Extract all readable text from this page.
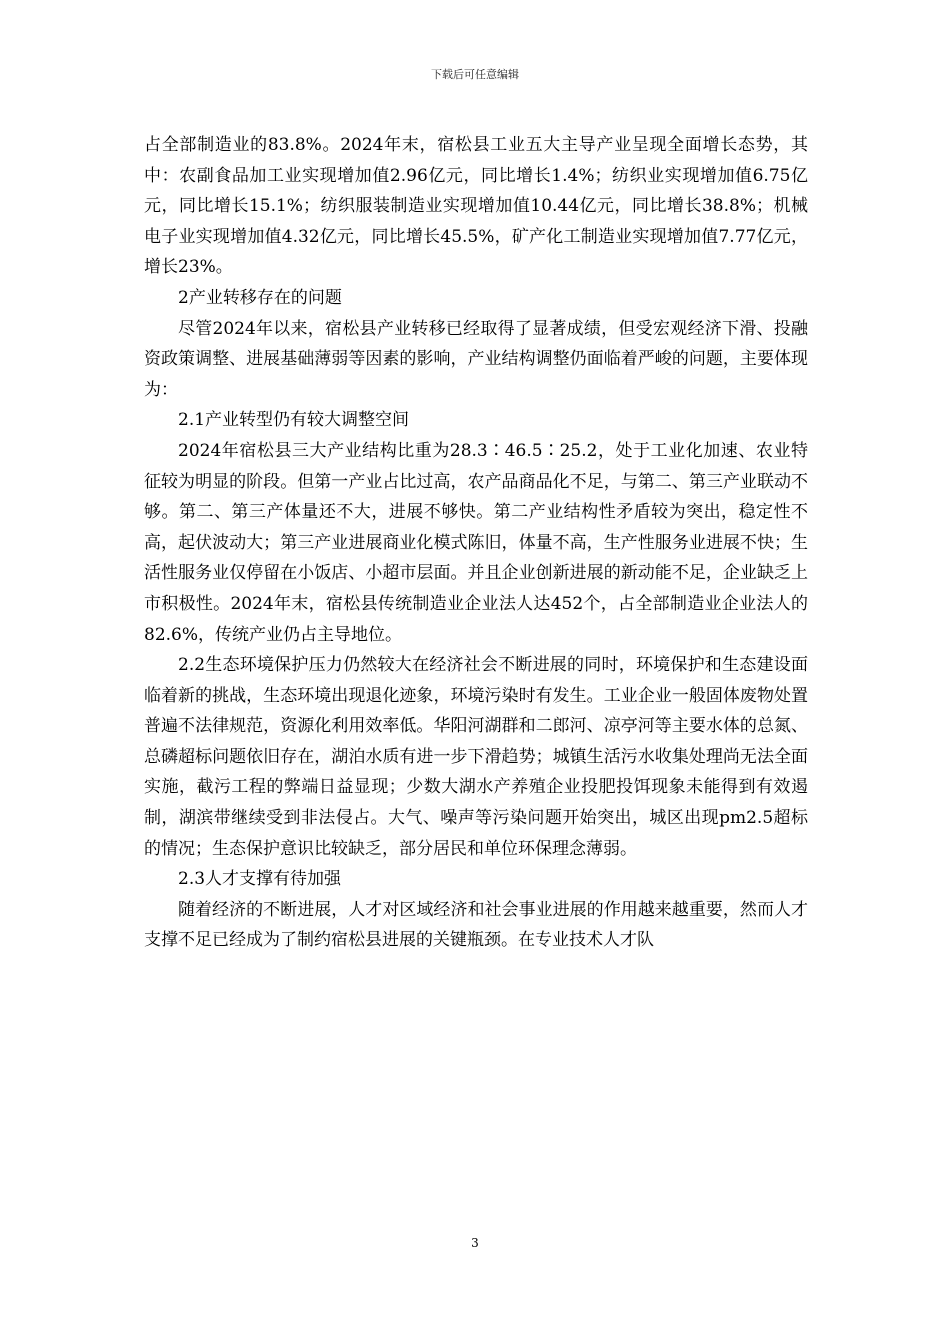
下载后可任意编辑

占全部制造业的83.8%。2024年末，宿松县工业五大主导产业呈现全面增长态势，其中：农副食品加工业实现增加值2.96亿元，同比增长1.4%；纺织业实现增加值6.75亿元，同比增长15.1%；纺织服装制造业实现增加值10.44亿元，同比增长38.8%；机械电子业实现增加值4.32亿元，同比增长45.5%，矿产化工制造业实现增加值7.77亿元，增长23%。

2产业转移存在的问题

尽管2024年以来，宿松县产业转移已经取得了显著成绩，但受宏观经济下滑、投融资政策调整、进展基础薄弱等因素的影响，产业结构调整仍面临着严峻的问题，主要体现为：

2.1产业转型仍有较大调整空间

2024年宿松县三大产业结构比重为28.3∶46.5∶25.2，处于工业化加速、农业特征较为明显的阶段。但第一产业占比过高，农产品商品化不足，与第二、第三产业联动不够。第二、第三产体量还不大，进展不够快。第二产业结构性矛盾较为突出，稳定性不高，起伏波动大；第三产业进展商业化模式陈旧，体量不高，生产性服务业进展不快；生活性服务业仅停留在小饭店、小超市层面。并且企业创新进展的新动能不足，企业缺乏上市积极性。2024年末，宿松县传统制造业企业法人达452个，占全部制造业企业法人的82.6%，传统产业仍占主导地位。

2.2生态环境保护压力仍然较大在经济社会不断进展的同时，环境保护和生态建设面临着新的挑战，生态环境出现退化迹象，环境污染时有发生。工业企业一般固体废物处置普遍不法律规范，资源化利用效率低。华阳河湖群和二郎河、凉亭河等主要水体的总氮、总磷超标问题依旧存在，湖泊水质有进一步下滑趋势；城镇生活污水收集处理尚无法全面实施，截污工程的弊端日益显现；少数大湖水产养殖企业投肥投饵现象未能得到有效遏制，湖滨带继续受到非法侵占。大气、噪声等污染问题开始突出，城区出现pm2.5超标的情况；生态保护意识比较缺乏，部分居民和单位环保理念薄弱。

2.3人才支撑有待加强

随着经济的不断进展，人才对区域经济和社会事业进展的作用越来越重要，然而人才支撑不足已经成为了制约宿松县进展的关键瓶颈。在专业技术人才队

3
